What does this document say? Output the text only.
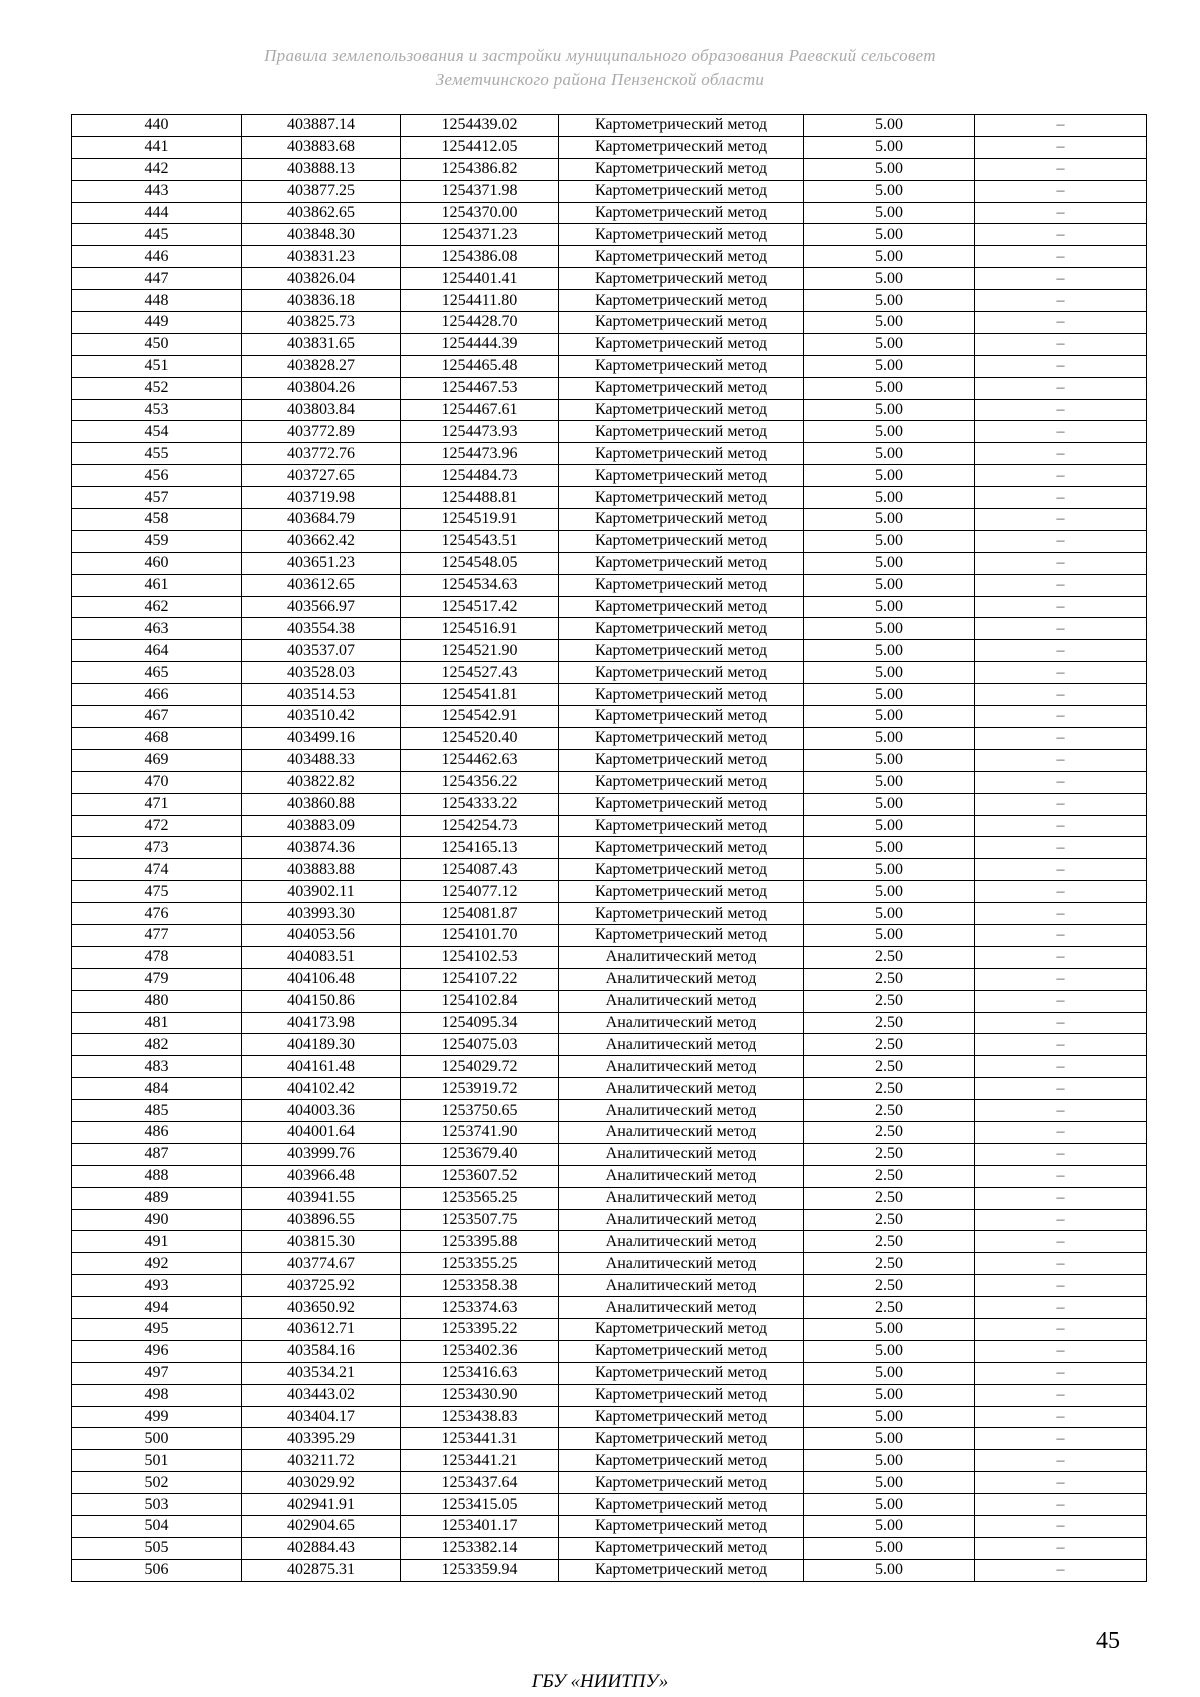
Правила землепользования и застройки муниципального образования Раевский сельсовет
Земетчинского района Пензенской области
440	403887.14	1254439.02	Картометрический метод	5.00	–
441	403883.68	1254412.05	Картометрический метод	5.00	–
442	403888.13	1254386.82	Картометрический метод	5.00	–
443	403877.25	1254371.98	Картометрический метод	5.00	–
444	403862.65	1254370.00	Картометрический метод	5.00	–
445	403848.30	1254371.23	Картометрический метод	5.00	–
446	403831.23	1254386.08	Картометрический метод	5.00	–
447	403826.04	1254401.41	Картометрический метод	5.00	–
448	403836.18	1254411.80	Картометрический метод	5.00	–
449	403825.73	1254428.70	Картометрический метод	5.00	–
450	403831.65	1254444.39	Картометрический метод	5.00	–
451	403828.27	1254465.48	Картометрический метод	5.00	–
452	403804.26	1254467.53	Картометрический метод	5.00	–
453	403803.84	1254467.61	Картометрический метод	5.00	–
454	403772.89	1254473.93	Картометрический метод	5.00	–
455	403772.76	1254473.96	Картометрический метод	5.00	–
456	403727.65	1254484.73	Картометрический метод	5.00	–
457	403719.98	1254488.81	Картометрический метод	5.00	–
458	403684.79	1254519.91	Картометрический метод	5.00	–
459	403662.42	1254543.51	Картометрический метод	5.00	–
460	403651.23	1254548.05	Картометрический метод	5.00	–
461	403612.65	1254534.63	Картометрический метод	5.00	–
462	403566.97	1254517.42	Картометрический метод	5.00	–
463	403554.38	1254516.91	Картометрический метод	5.00	–
464	403537.07	1254521.90	Картометрический метод	5.00	–
465	403528.03	1254527.43	Картометрический метод	5.00	–
466	403514.53	1254541.81	Картометрический метод	5.00	–
467	403510.42	1254542.91	Картометрический метод	5.00	–
468	403499.16	1254520.40	Картометрический метод	5.00	–
469	403488.33	1254462.63	Картометрический метод	5.00	–
470	403822.82	1254356.22	Картометрический метод	5.00	–
471	403860.88	1254333.22	Картометрический метод	5.00	–
472	403883.09	1254254.73	Картометрический метод	5.00	–
473	403874.36	1254165.13	Картометрический метод	5.00	–
474	403883.88	1254087.43	Картометрический метод	5.00	–
475	403902.11	1254077.12	Картометрический метод	5.00	–
476	403993.30	1254081.87	Картометрический метод	5.00	–
477	404053.56	1254101.70	Картометрический метод	5.00	–
478	404083.51	1254102.53	Аналитический метод	2.50	–
479	404106.48	1254107.22	Аналитический метод	2.50	–
480	404150.86	1254102.84	Аналитический метод	2.50	–
481	404173.98	1254095.34	Аналитический метод	2.50	–
482	404189.30	1254075.03	Аналитический метод	2.50	–
483	404161.48	1254029.72	Аналитический метод	2.50	–
484	404102.42	1253919.72	Аналитический метод	2.50	–
485	404003.36	1253750.65	Аналитический метод	2.50	–
486	404001.64	1253741.90	Аналитический метод	2.50	–
487	403999.76	1253679.40	Аналитический метод	2.50	–
488	403966.48	1253607.52	Аналитический метод	2.50	–
489	403941.55	1253565.25	Аналитический метод	2.50	–
490	403896.55	1253507.75	Аналитический метод	2.50	–
491	403815.30	1253395.88	Аналитический метод	2.50	–
492	403774.67	1253355.25	Аналитический метод	2.50	–
493	403725.92	1253358.38	Аналитический метод	2.50	–
494	403650.92	1253374.63	Аналитический метод	2.50	–
495	403612.71	1253395.22	Картометрический метод	5.00	–
496	403584.16	1253402.36	Картометрический метод	5.00	–
497	403534.21	1253416.63	Картометрический метод	5.00	–
498	403443.02	1253430.90	Картометрический метод	5.00	–
499	403404.17	1253438.83	Картометрический метод	5.00	–
500	403395.29	1253441.31	Картометрический метод	5.00	–
501	403211.72	1253441.21	Картометрический метод	5.00	–
502	403029.92	1253437.64	Картометрический метод	5.00	–
503	402941.91	1253415.05	Картометрический метод	5.00	–
504	402904.65	1253401.17	Картометрический метод	5.00	–
505	402884.43	1253382.14	Картометрический метод	5.00	–
506	402875.31	1253359.94	Картометрический метод	5.00	–
45
ГБУ «НИИТПУ»
